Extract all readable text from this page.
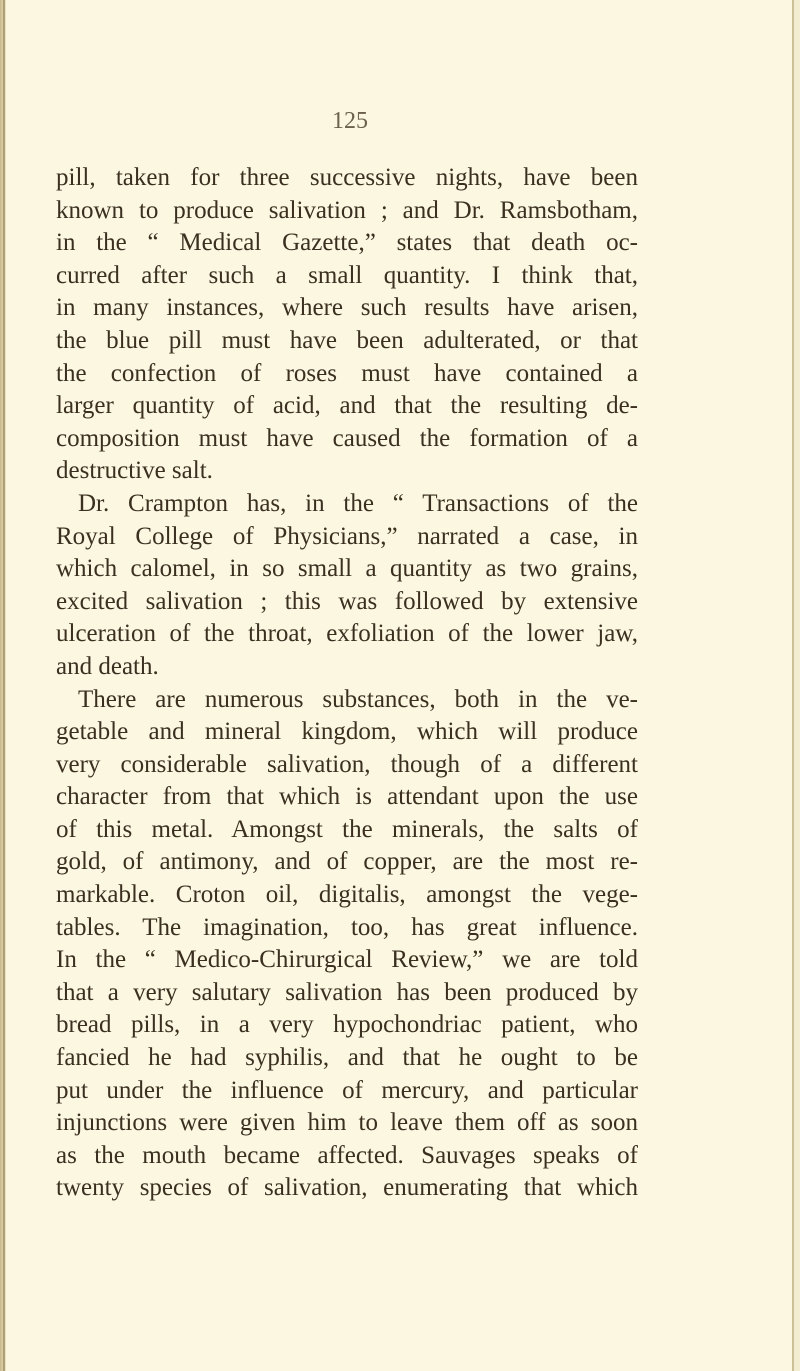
125
pill, taken for three successive nights, have been
known to produce salivation ; and Dr. Ramsbotham,
in the “ Medical Gazette,” states that death oc-
curred after such a small quantity. I think that,
in many instances, where such results have arisen,
the blue pill must have been adulterated, or that
the confection of roses must have contained a
larger quantity of acid, and that the resulting de-
composition must have caused the formation of a
destructive salt.
Dr. Crampton has, in the “ Transactions of the
Royal College of Physicians,” narrated a case, in
which calomel, in so small a quantity as two grains,
excited salivation ; this was followed by extensive
ulceration of the throat, exfoliation of the lower jaw,
and death.
There are numerous substances, both in the ve-
getable and mineral kingdom, which will produce
very considerable salivation, though of a different
character from that which is attendant upon the use
of this metal. Amongst the minerals, the salts of
gold, of antimony, and of copper, are the most re-
markable. Croton oil, digitalis, amongst the vege-
tables. The imagination, too, has great influence.
In the “ Medico-Chirurgical Review,” we are told
that a very salutary salivation has been produced by
bread pills, in a very hypochondriac patient, who
fancied he had syphilis, and that he ought to be
put under the influence of mercury, and particular
injunctions were given him to leave them off as soon
as the mouth became affected. Sauvages speaks of
twenty species of salivation, enumerating that which
